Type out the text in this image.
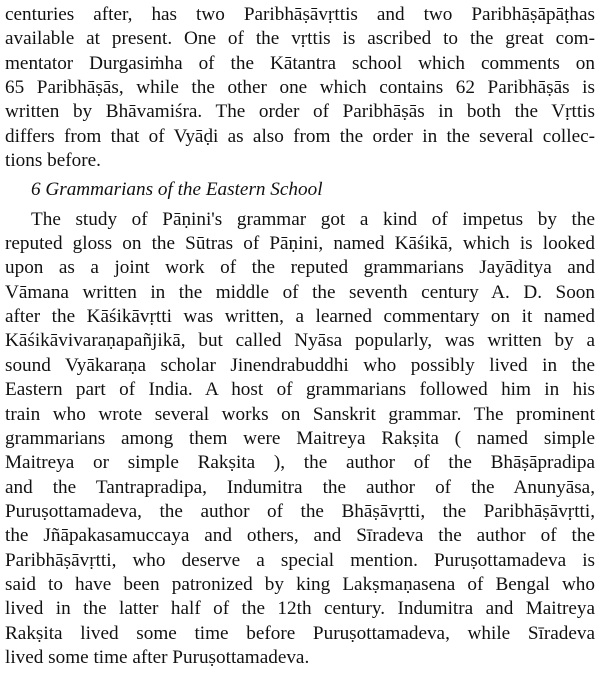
centuries after, has two Paribhāṣāvṛttis and two Paribhāṣāpāṭhas
available at present. One of the vṛttis is ascribed to the great com-
mentator Durgasiṁha of the Kātantra school which comments on
65 Paribhāṣās, while the other one which contains 62 Paribhāṣās is
written by Bhāvamiśra. The order of Paribhāṣās in both the Vṛttis
differs from that of Vyāḍi as also from the order in the several collec-
tions before.
6 Grammarians of the Eastern School
The study of Pāṇini's grammar got a kind of impetus by the
reputed gloss on the Sūtras of Pāṇini, named Kāśikā, which is looked
upon as a joint work of the reputed grammarians Jayāditya and
Vāmana written in the middle of the seventh century A. D. Soon
after the Kāśikāvṛtti was written, a learned commentary on it named
Kāśikāvivaraṇapañjikā, but called Nyāsa popularly, was written by a
sound Vyākaraṇa scholar Jinendrabuddhi who possibly lived in the
Eastern part of India. A host of grammarians followed him in his
train who wrote several works on Sanskrit grammar. The prominent
grammarians among them were Maitreya Rakṣita ( named simple
Maitreya or simple Rakṣita ), the author of the Bhāṣāpradipa
and the Tantrapradipa, Indumitra the author of the Anunyāsa,
Puruṣottamadeva, the author of the Bhāṣāvṛtti, the Paribhāṣāvṛtti,
the Jñāpakasamuccaya and others, and Sīradeva the author of the
Paribhāṣāvṛtti, who deserve a special mention. Puruṣottamadeva is
said to have been patronized by king Lakṣmaṇasena of Bengal who
lived in the latter half of the 12th century. Indumitra and Maitreya
Rakṣita lived some time before Puruṣottamadeva, while Sīradeva
lived some time after Puruṣottamadeva.
